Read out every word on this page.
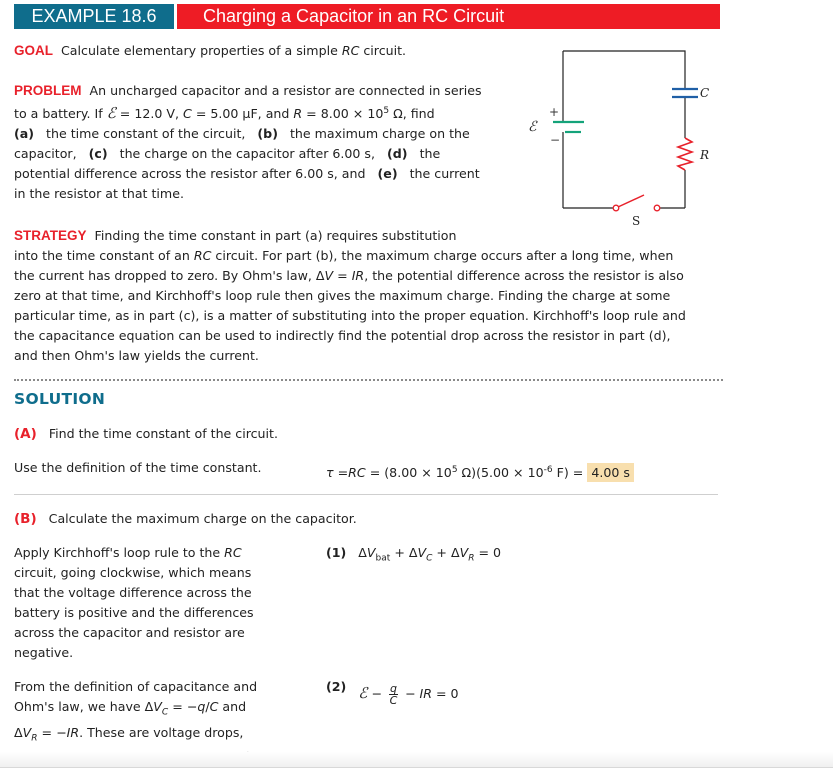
EXAMPLE 18.6	Charging a Capacitor in an RC Circuit
GOAL Calculate elementary properties of a simple RC circuit.
PROBLEM An uncharged capacitor and a resistor are connected in series
to a battery. If ℰ = 12.0 V, C = 5.00 μF, and $R = 8.00 \times 10^5$ Ω, find
(a) the time constant of the circuit, (b) the maximum charge on the
capacitor, (c) the charge on the capacitor after 6.00 s, (d) the
potential difference across the resistor after 6.00 s, and (e) the current
in the resistor at that time.
+
−
ℰ
C
R
S
STRATEGY Finding the time constant in part (a) requires substitution
into the time constant of an RC circuit. For part (b), the maximum charge occurs after a long time, when
the current has dropped to zero. By Ohm's law, ΔV = IR, the potential difference across the resistor is also
zero at that time, and Kirchhoff's loop rule then gives the maximum charge. Finding the charge at some
particular time, as in part (c), is a matter of substituting into the proper equation. Kirchhoff's loop rule and
the capacitance equation can be used to indirectly find the potential drop across the resistor in part (d),
and then Ohm's law yields the current.
SOLUTION
(A) Find the time constant of the circuit.
Use the definition of the time constant.	$\tau =RC = (8.00 \times 10^5$ $\Omega)(5.00 \times 10^{-6}$ F) = 4.00 s
(B) Calculate the maximum charge on the capacitor.
Apply Kirchhoff's loop rule to the RC
circuit, going clockwise, which means
that the voltage difference across the
battery is positive and the differences
across the capacitor and resistor are
negative.
(1) $\Delta V_{bat} + \Delta V_C + \Delta V_R = 0$
From the definition of capacitance and
Ohm's law, we have $\Delta V_C = -q/C$ and
$\Delta V_R = -IR$. These are voltage drops,
(2) ℰ − $\frac{q}{C}$ − IR = 0
